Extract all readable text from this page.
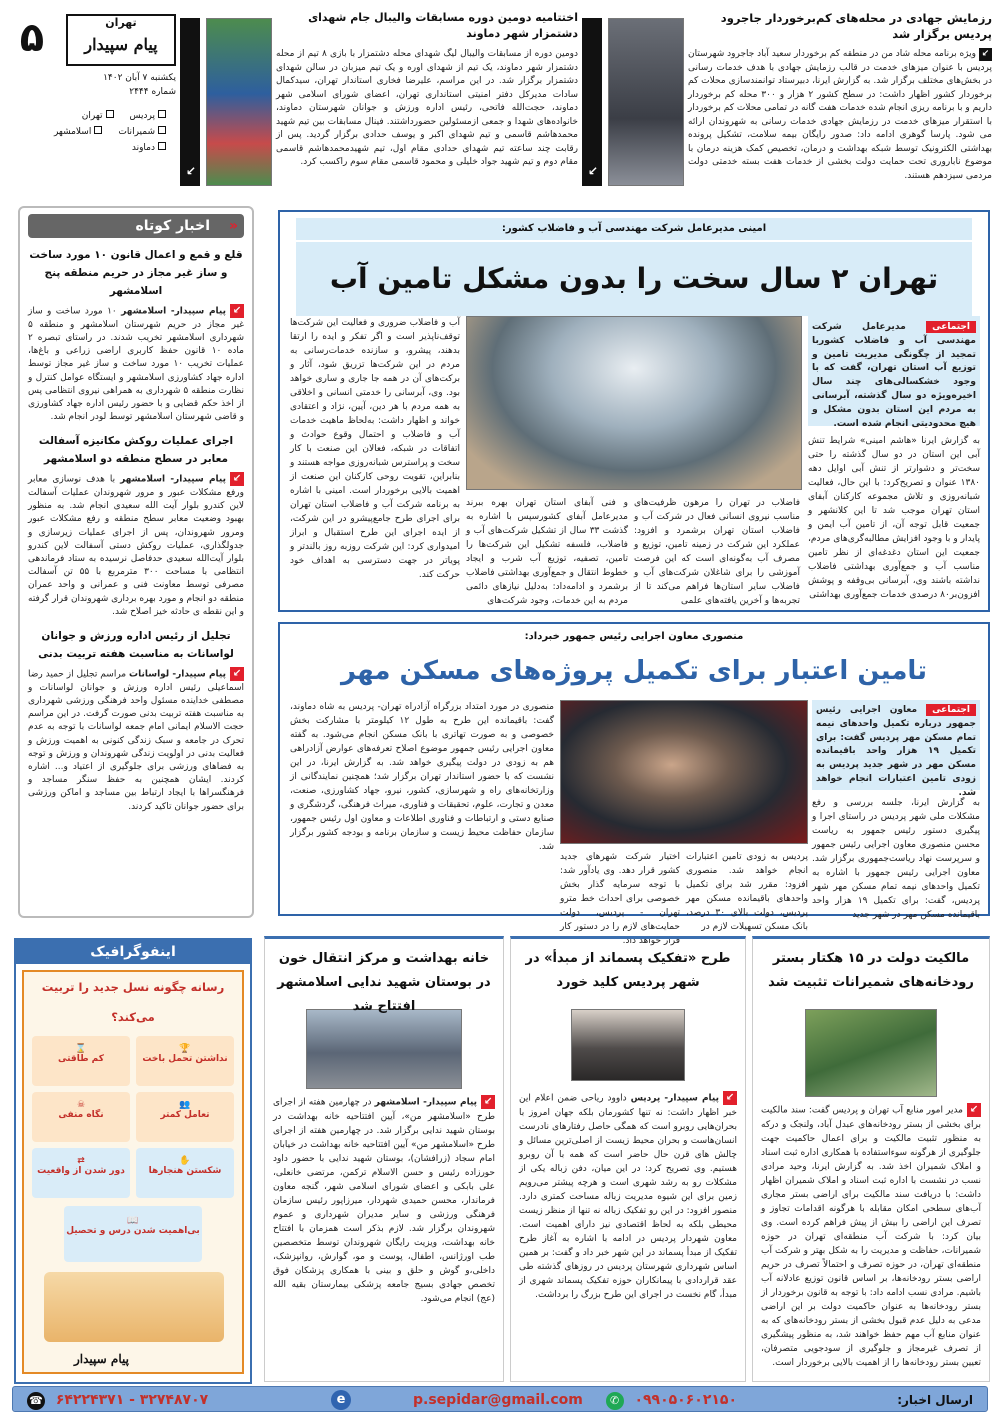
رزمایش جهادی در محله‌های کم‌برخوردار جاجرود پردیس برگزار شد
↙ویژه برنامه محله شاد من در منطقه کم برخوردار سعید آباد جاجرود شهرستان پردیس با عنوان میزهای خدمت در قالب رزمایش جهادی با هدف خدمات رسانی در بخش‌های مختلف برگزار شد. به گزارش ایرنا، دبیرستاد توانمندسازی محلات کم برخوردار کشور اظهار داشت: در سطح کشور ۲ هزار و ۳۰۰ محله کم برخوردار داریم و با برنامه ریزی انجام شده خدمات هفت گانه در تمامی محلات کم برخوردار با استقرار میزهای خدمت در رزمایش جهادی خدمات رسانی به شهروندان ارائه می شود. پارسا گوهری ادامه داد: صدور رایگان بیمه سلامت، تشکیل پرونده بهداشتی الکترونیک توسط شبکه بهداشت و درمان، تخصیص کمک هزینه درمان با موضوع ناباروری تحت حمایت دولت بخشی از خدمات هفت بسته خدمتی دولت مردمی سیزدهم هستند.
↙
اجتماعی
اختتامیه دومین دوره مسابقات والیبال جام شهدای دشتمزار شهر دماوند
دومین دوره از مسابقات والیبال لیگ شهدای محله دشتمزار با بازی ۸ تیم از محله دشتمزار شهر دماوند، یک تیم از شهدای اوره و یک تیم میزبان در سالن شهدای دشتمزار برگزار شد. در این مراسم، علیرضا فخاری استاندار تهران، سیدکمال سادات مدیرکل دفتر امنیتی استانداری تهران، اعضای شورای اسلامی شهر دماوند، حجت‌الله فاتحی، رئیس اداره ورزش و جوانان شهرستان دماوند، خانواده‌های شهدا و جمعی ازمسئولین حضورداشتند. فینال مسابقات بین تیم شهید محمدهاشم قاسمی و تیم شهدای اکبر و یوسف حدادی برگزار گردید. پس از رقابت چند ساعته تیم شهدای حدادی مقام اول، تیم شهیدمحمدهاشم قاسمی مقام دوم و تیم شهید جواد خلیلی و محمود قاسمی مقام سوم راکسب کرد.
↙
ورزشی
۵	تهران
پیام سپیدار
یکشنبه ۷ آبان ۱۴۰۲
شماره ۲۴۴۴
پردیس
تهران
شمیرانات
اسلامشهر
دماوند
اخبار کوتاه «
قلع و قمع و اعمال قانون ۱۰ مورد ساخت و ساز غیر مجاز در حریم منطقه پنج اسلامشهر
↙پیام سپیدار- اسلامشهر ۱۰ مورد ساخت و ساز غیر مجاز در حریم شهرستان اسلامشهر و منطقه ۵ شهرداری اسلامشهر تخریب شدند. در راستای تبصره ۲ ماده ۱۰ قانون حفظ کاربری اراضی زراعی و باغ‌ها، عملیات تخریب ۱۰ مورد ساخت و ساز غیر مجاز توسط اداره جهاد کشاورزی اسلامشهر و ایستگاه عوامل کنترل و نظارت منطقه ۵ شهرداری به همراهی نیروی انتظامی پس از اخذ حکم قضایی و با حضور رئیس اداره جهاد کشاورزی و قاضی شهرستان اسلامشهر توسط لودر انجام شد.
اجرای عملیات روکش مکانیزه آسفالت معابر در سطح منطقه دو اسلامشهر
↙پیام سپیدار- اسلامشهر با هدف نوسازی معابر ورفع مشکلات عبور و مرور شهروندان عملیات آسفالت لاین کندرو بلوار آیت الله سعیدی انجام شد. به منظور بهبود وضعیت معابر سطح منطقه و رفع مشکلات عبور ومرور شهروندان، پس از اجرای عملیات زیرسازی و جدولگذاری، عملیات روکش دستی آسفالت لاین کندرو بلوار آیت‌الله سعیدی حدفاصل نرسیده به ستاد فرماندهی انتظامی با مساحت ۳۰۰ مترمربع با ۵۵ تن آسفالت مصرفی توسط معاونت فنی و عمرانی و واحد عمران منطقه دو انجام و مورد بهره برداری شهروندان قرار گرفته و این نقطه ی حادثه خیز اصلاح شد.
تجلیل از رئیس اداره ورزش و جوانان لواسانات به مناسبت هفته تربیت بدنی
↙پیام سپیدار- لواسانات مراسم تجلیل از حمید رضا اسماعیلی رئیس اداره ورزش و جوانان لواسانات و مصطفی خداینده مسئول واحد فرهنگی ورزشی شهرداری به مناسبت هفته تربیت بدنی صورت گرفت. در این مراسم حجت الاسلام ایمانی امام جمعه لواسانات با توجه به عدم تحرک در جامعه و سبک زندگی کنونی به اهمیت ورزش و فعالیت بدنی در اولویت زندگی شهروندان و ورزش و توجه به فضاهای ورزشی برای جلوگیری از اعتیاد و... اشاره کردند. ایشان همچنین به حفظ سنگر مساجد و فرهنگسراها با ایجاد ارتباط بین مساجد و اماکن ورزشی برای حضور جوانان تاکید کردند.
امینی مدیرعامل شرکت مهندسی آب و فاضلاب کشور:
تهران ۲ سال سخت را بدون مشکل تامین آب
اجتماعی مدیرعامل شرکت مهندسی آب و فاضلاب کشوربا تمجید از چگونگی مدیریت تامین و توزیع آب استان تهران، گفت که با وجود خشکسالی‌های چند سال اخیر‌ه‌ویژه دو سال گذشته، آبرسانی به مردم این استان بدون مشکل و هیچ محدودیتی انجام شده است.
به گزارش ایرنا «هاشم امینی» شرایط تنش آبی این استان در دو سال گذشته را حتی سخت‌تر و دشوارتر از تنش آبی اوایل دهه ۱۳۸۰ عنوان و تصریح‌کرد: با این حال، فعالیت شبانه‌روزی و تلاش مجموعه کارکنان آبفای استان تهران موجب شد تا این کلانشهر و جمعیت قابل توجه آن، از تامین آب ایمن و پایدار و با وجود افزایش مطالبه‌گری‌های مردم، جمعیت این استان دغدغه‌ای از نظر تامین مناسب آب و جمع‌آوری بهداشتی فاضلاب نداشته باشند وی، آبرسانی بی‌وقفه و پوشش افزون‌بر۸۰ درصدی خدمات جمع‌آوری بهداشتی
فاضلاب در تهران را مرهون ظرفیت‌های مناسب نیروی انسانی فعال در شرکت آب و فاضلاب استان تهران برشمرد و افزود: عملکرد این شرکت در زمینه تامین، توزیع و مصرف آب به‌گونه‌ای است که این فرصت آموزشی را برای شاغلان شرکت‌های آب و فاضلاب سایر استان‌ها فراهم می‌کند تا از تجربه‌ها و آخرین یافته‌های علمی
و فنی آبفای استان تهران بهره ببرند مدیرعامل آبفای کشورسپس با اشاره به گذشت ۳۳ سال از تشکیل شرکت‌های آب و فاضلاب، فلسفه تشکیل این شرکت‌ها را تامین، تصفیه، توزیع آب شرب و ایجاد خطوط انتقال و جمع‌آوری بهداشتی فاضلاب برشمرد و ادامه‌داد: به‌دلیل نیازهای دائمی مردم به این خدمات، وجود شرکت‌های
آب و فاضلاب ضروری و فعالیت این شرکت‌ها توقف‌ناپذیر است و اگر تفکر و ایده را ارتقا بدهند، پیشرو، و سازنده خدمات‌رسانی به مردم در این شرکت‌ها تزریق شود، آثار و برکت‌های آن در همه جا جاری و ساری خواهد بود. وی، آبرسانی را خدمتی انسانی و اخلاقی به همه مردم با هر دین، آیین، نژاد و اعتقادی خواند و اظهار داشت: به‌لحاظ ماهیت خدمات آب و فاضلاب و احتمال وقوع حوادث و اتفاقات در شبکه، فعالان این صنعت با کار سخت و پراسترس شبانه‌روزی مواجه هستند و بنابراین، تقویت روحی کارکنان این صنعت از اهمیت بالایی برخوردار است. امینی با اشاره به برنامه شرکت آب و فاضلاب استان تهران برای اجرای طرح جامع‌پیشرو در این شرکت، از ایده اجرای این طرح استقبال و ابراز امیدواری کرد: این شرکت روزبه روز بالندتر و پویاتر در جهت دسترسی به اهداف خود حرکت کند.
منصوری معاون اجرایی رئیس جمهور خبرداد:
تامین اعتبار برای تکمیل پروژه‌های مسکن مهر
اجتماعی معاون اجرایی رئیس جمهور درباره تکمیل واحدهای نیمه تمام مسکن مهر پردیس گفت: برای تکمیل ۱۹ هزار واحد باقیمانده مسکن مهر در شهر جدید پردیس به زودی تامین اعتبارات انجام خواهد شد.
به گزارش ایرنا، جلسه بررسی و رفع مشکلات ملی شهر پردیس در راستای اجرا و پیگیری دستور رئیس جمهور به ریاست محسن منصوری معاون اجرایی رئیس جمهور و سرپرست نهاد ریاست‌جمهوری برگزار شد. معاون اجرایی رئیس جمهور با اشاره به تکمیل واحدهای نیمه تمام مسکن مهر شهر پردیس، گفت: برای تکمیل ۱۹ هزار واحد باقیمانده مسکن مهر در شهر جدید
پردیس به زودی تامین اعتبارات انجام خواهد شد. منصوری افزود: مقرر شد برای تکمیل واحدهای باقیمانده مسکن مهر پردیس، دولت بالای ۳۰ درصد، بانک مسکن تسهیلات لازم در
اختیار شرکت شهرهای جدید کشور قرار دهد. وی یادآور شد: با توجه سرمایه گذار بخش خصوصی برای احداث خط مترو تهران - پردیس، دولت حمایت‌های لازم را در دستور کار قرار خواهد داد.
منصوری در مورد امتداد بزرگراه آزادراه تهران- پردیس به شاه دماوند، گفت: باقیمانده این طرح به طول ۱۲ کیلومتر با مشارکت بخش خصوصی و به صورت تهاتری با بانک مسکن انجام می‌شود. به گفته معاون اجرایی رئیس جمهور موضوع اصلاح تعرفه‌های عوارض آزادراهی هم به زودی در دولت پیگیری خواهد شد. به گزارش ایرنا، در این نشست که با حضور استاندار تهران برگزار شد؛ همچنین نمایندگانی از وزارتخانه‌های راه و شهرسازی، کشور، نیرو، جهاد کشاورزی، صنعت، معدن و تجارت، علوم، تحقیقات و فناوری، میراث فرهنگی، گردشگری و صنایع دستی و ارتباطات و فناوری اطلاعات و معاون اول رئیس جمهور، سازمان حفاظت محیط زیست و سازمان برنامه و بودجه کشور برگزار شد.
اینفوگرافیک
رسانه چگونه نسل جدید را تربیت می‌کند؟
🏆
نداشتن تحمل باخت
⌛
کم طاقتی
👥
تعامل کمتر
☠
نگاه منفی
✋
شکستن هنجارها
⇄
دور شدن از واقعیت
📖
بی‌اهمیت شدن درس و تحصیل
پیام سپیدار
مالکیت دولت در ۱۵ هکتار بستر رودخانه‌های شمیرانات تثبیت شد
↙مدیر امور منابع آب تهران و پردیس گفت: سند مالکیت برای بخشی از بستر رودخانه‌های عبدل آباد، ولنجک و درکه به منظور تثبیت مالکیت و برای اعمال حاکمیت جهت جلوگیری از هرگونه سوءاستفاده با همکاری اداره ثبت اسناد و املاک شمیران اخذ شد. به گزارش ایرنا، وحید مرادی نسب در نشست با اداره ثبت اسناد و املاک شمیران اظهار داشت: با دریافت سند مالکیت برای اراضی بستر مجاری آب‌های سطحی امکان مقابله با هرگونه اقدامات تجاوز و تصرف این اراضی را بیش از پیش فراهم کرده است. وی بیان کرد: با شرکت آب منطقه‌ای تهران در حوزه شمیرانات، حفاظت و مدیریت را به شکل بهتر و شرکت آب منطقه‌ای تهران، در حوزه تصرف و احتمالاً تصرف در حریم اراضی بستر رودخانه‌ها، بر اساس قانون توزیع عادلانه آب باشیم. مرادی نسب ادامه داد: با توجه به قانون برخوردار از بستر رودخانه‌ها به عنوان حاکمیت دولت بر این اراضی مدعی به دلیل عدم قبول بخشی از بستر رودخانه‌های که به عنوان منابع آب مهم حفظ خواهند شد، به منظور پیشگیری از تصرف غیرمجاز و جلوگیری از سودجویی متصرفان، تعیین بستر رودخانه‌ها را از اهمیت بالایی برخوردار است.
طرح «تفکیک پسماند از مبدأ» در شهر پردیس کلید خورد
↙پیام سپیدار- پردیس داوود ریاحی ضمن اعلام این خبر اظهار داشت: نه تنها کشورمان بلکه جهان امروز با بحران‌هایی روبرو است که همگی حاصل رفتارهای نادرست انسان‌هاست و بحران محیط زیست از اصلی‌ترین مسائل و چالش های قرن حال حاضر است که همه با آن روبرو هستیم. وی تصریح کرد: در این میان، دفن زباله یکی از مشکلات رو به رشد شهری است و هرچه پیشتر می‌رویم زمین برای این شیوه مدیریت زباله مساحت کمتری دارد. منصور افزود: در این رو تفکیک زباله نه تنها از منظر زیست محیطی بلکه به لحاظ اقتصادی نیز دارای اهمیت است. معاون شهردار پردیس در ادامه با اشاره به آغاز طرح تفکیک از مبدأ پسماند در این شهر خبر داد و گفت: بر همین اساس شهرداری شهرستان پردیس در روزهای گذشته طی عقد قراردادی با پیمانکاران حوزه تفکیک پسماند شهری از مبدأ، گام نخست در اجرای این طرح بزرگ را برداشت.
خانه بهداشت و مرکز انتقال خون در بوستان شهید ندایی اسلامشهر افتتاح شد
↙پیام سپیدار- اسلامشهر در چهارمین هفته از اجرای طرح «اسلامشهر من»، آیین افتتاحیه خانه بهداشت در بوستان شهید ندایی برگزار شد. در چهارمین هفته از اجرای طرح «اسلامشهر من» آیین افتتاحیه خانه بهداشت در خیابان امام سجاد (زرافشان)، بوستان شهید ندایی با حضور داود حورزاده رئیس و حسن الاسلام ترکمن، مرتضی خانعلی، علی بابکی و اعضای شورای اسلامی شهر، گنجه معاون فرماندار، محسن حمیدی شهردار، میرزاپور رئیس سازمان فرهنگی ورزشی و سایر مدیران شهرداری و عموم شهروندان برگزار شد. لازم بذکر است همزمان با افتتاح خانه بهداشت، ویزیت رایگان شهروندان توسط متخصصین طب اورژانس، اطفال، پوست و مو، گوارش، روانپزشک، داخلی،و گوش و حلق و بینی با همکاری پزشکان فوق تخصص جهادی بسیج جامعه پزشکی بیمارستان بقیه الله (عج) انجام می‌شود.
ارسال اخبار:
۰۹۹۰۵۰۶۰۲۱۵۰ ✆
p.sepidar@gmail.com
e
۳۲۷۴۸۷۰۷ - ۶۴۲۲۴۳۷۱ ☎
